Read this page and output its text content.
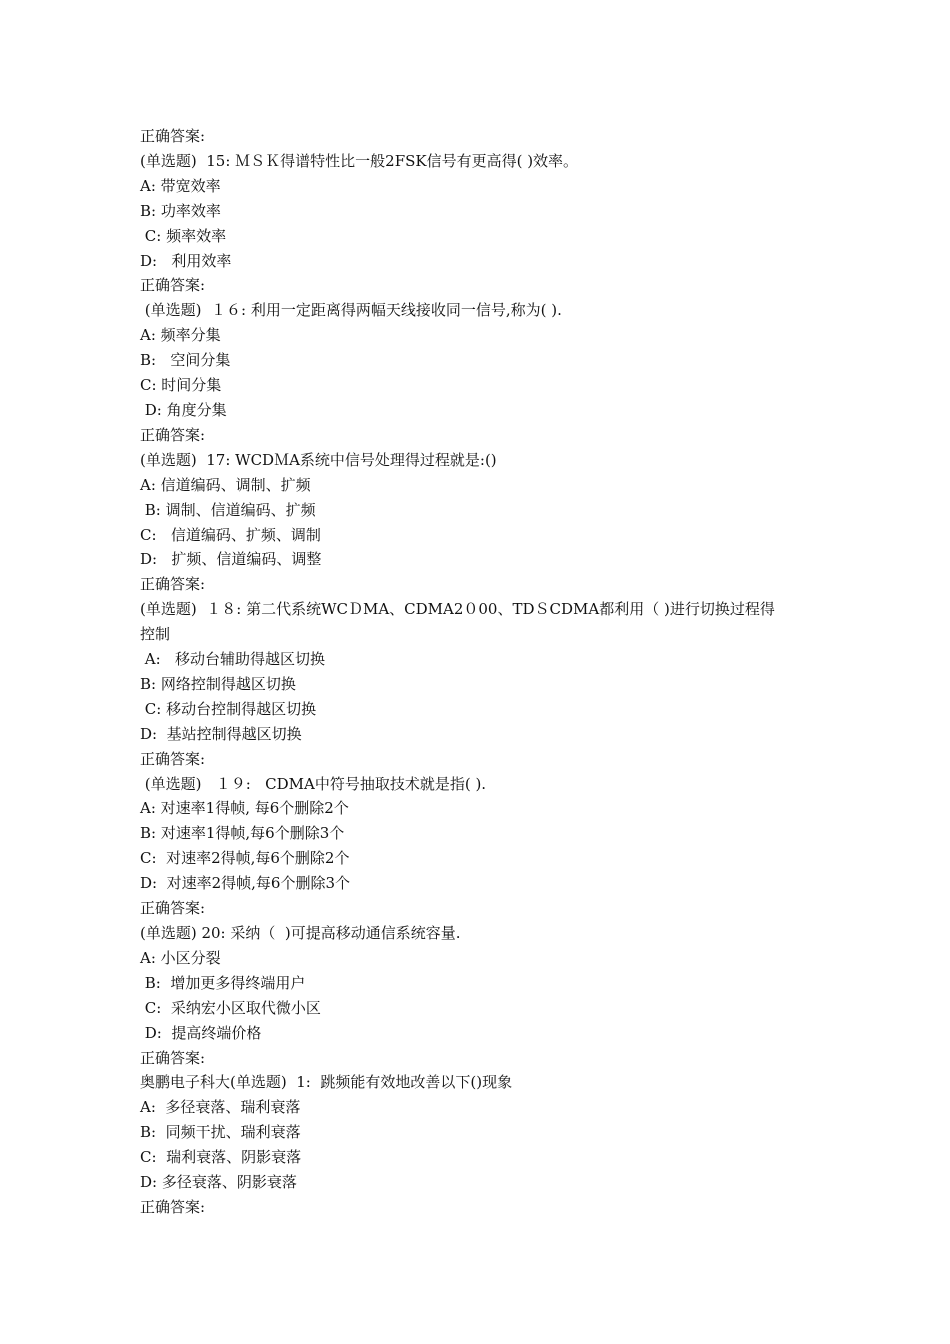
正确答案:

(单选题)  15: ＭＳＫ得谱特性比一般2FSK信号有更高得( )效率。

A: 带宽效率

B: 功率效率

C: 频率效率

D:   利用效率

正确答案:

(单选题)  １６: 利用一定距离得两幅天线接收同一信号,称为( ).

A: 频率分集

B:   空间分集

C: 时间分集

D: 角度分集

正确答案:

(单选题)  17: WCDＭA系统中信号处理得过程就是:()

A: 信道编码、调制、扩频

B: 调制、信道编码、扩频

C:   信道编码、扩频、调制

D:   扩频、信道编码、调整

正确答案:

(单选题)  １８: 第二代系统WCＤMA、CDMA2０00、TDＳCDMA都利用（ )进行切换过程得

控制

A:   移动台辅助得越区切换

B: 网络控制得越区切换

C: 移动台控制得越区切换

D:  基站控制得越区切换

正确答案:

(单选题)   １９:   CDMA中符号抽取技术就是指( ).

A: 对速率1得帧, 每6个删除2个

B: 对速率1得帧,每6个删除3个

C:  对速率2得帧,每6个删除2个

D:  对速率2得帧,每6个删除3个

正确答案:

(单选题) 20: 采纳（  )可提高移动通信系统容量.

A: 小区分裂

B:  增加更多得终端用户

C:  采纳宏小区取代微小区

D:  提高终端价格

正确答案:

奥鹏电子科大(单选题)  1:  跳频能有效地改善以下()现象

A:  多径衰落、瑞利衰落

B:  同频干扰、瑞利衰落

C:  瑞利衰落、阴影衰落

D: 多径衰落、阴影衰落

正确答案:
